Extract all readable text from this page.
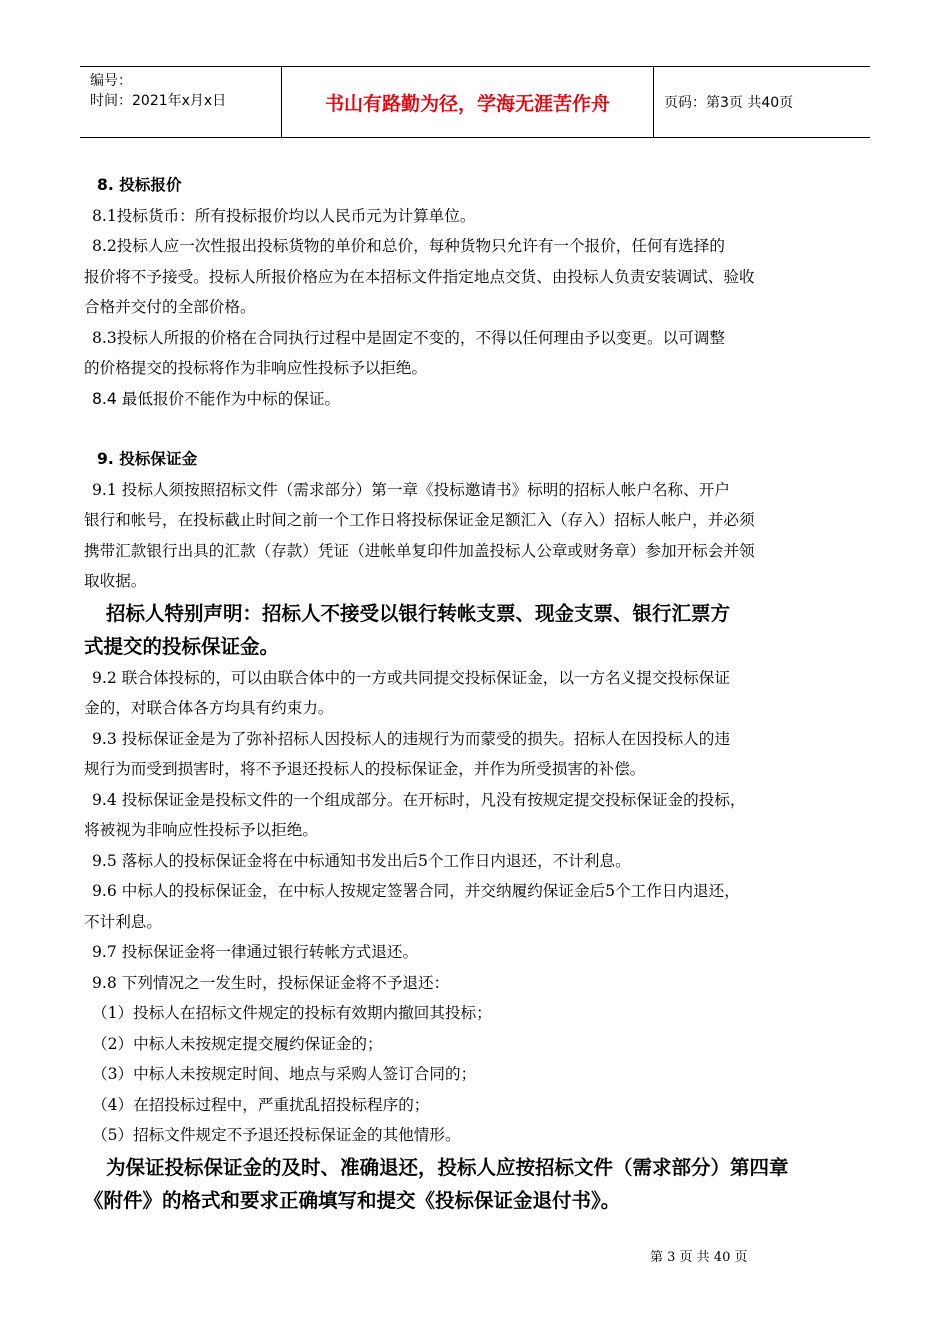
编号：
时间：2021年x月x日	书山有路勤为径，学海无涯苦作舟	页码：第3页 共40页
8. 投标报价
8.1投标货币：所有投标报价均以人民币元为计算单位。
8.2投标人应一次性报出投标货物的单价和总价，每种货物只允许有一个报价，任何有选择的
报价将不予接受。投标人所报价格应为在本招标文件指定地点交货、由投标人负责安装调试、验收
合格并交付的全部价格。
8.3投标人所报的价格在合同执行过程中是固定不变的，不得以任何理由予以变更。以可调整
的价格提交的投标将作为非响应性投标予以拒绝。
8.4 最低报价不能作为中标的保证。
9. 投标保证金
9.1 投标人须按照招标文件（需求部分）第一章《投标邀请书》标明的招标人帐户名称、开户
银行和帐号，在投标截止时间之前一个工作日将投标保证金足额汇入（存入）招标人帐户，并必须
携带汇款银行出具的汇款（存款）凭证（进帐单复印件加盖投标人公章或财务章）参加开标会并领
取收据。
招标人特别声明：招标人不接受以银行转帐支票、现金支票、银行汇票方
式提交的投标保证金。
9.2 联合体投标的，可以由联合体中的一方或共同提交投标保证金，以一方名义提交投标保证
金的，对联合体各方均具有约束力。
9.3 投标保证金是为了弥补招标人因投标人的违规行为而蒙受的损失。招标人在因投标人的违
规行为而受到损害时，将不予退还投标人的投标保证金，并作为所受损害的补偿。
9.4 投标保证金是投标文件的一个组成部分。在开标时，凡没有按规定提交投标保证金的投标，
将被视为非响应性投标予以拒绝。
9.5 落标人的投标保证金将在中标通知书发出后5个工作日内退还，不计利息。
9.6 中标人的投标保证金，在中标人按规定签署合同，并交纳履约保证金后5个工作日内退还，
不计利息。
9.7 投标保证金将一律通过银行转帐方式退还。
9.8 下列情况之一发生时，投标保证金将不予退还：
（1）投标人在招标文件规定的投标有效期内撤回其投标；
（2）中标人未按规定提交履约保证金的；
（3）中标人未按规定时间、地点与采购人签订合同的；
（4）在招投标过程中，严重扰乱招投标程序的；
（5）招标文件规定不予退还投标保证金的其他情形。
为保证投标保证金的及时、准确退还，投标人应按招标文件（需求部分）第四章
《附件》的格式和要求正确填写和提交《投标保证金退付书》。
第 3 页 共 40 页
